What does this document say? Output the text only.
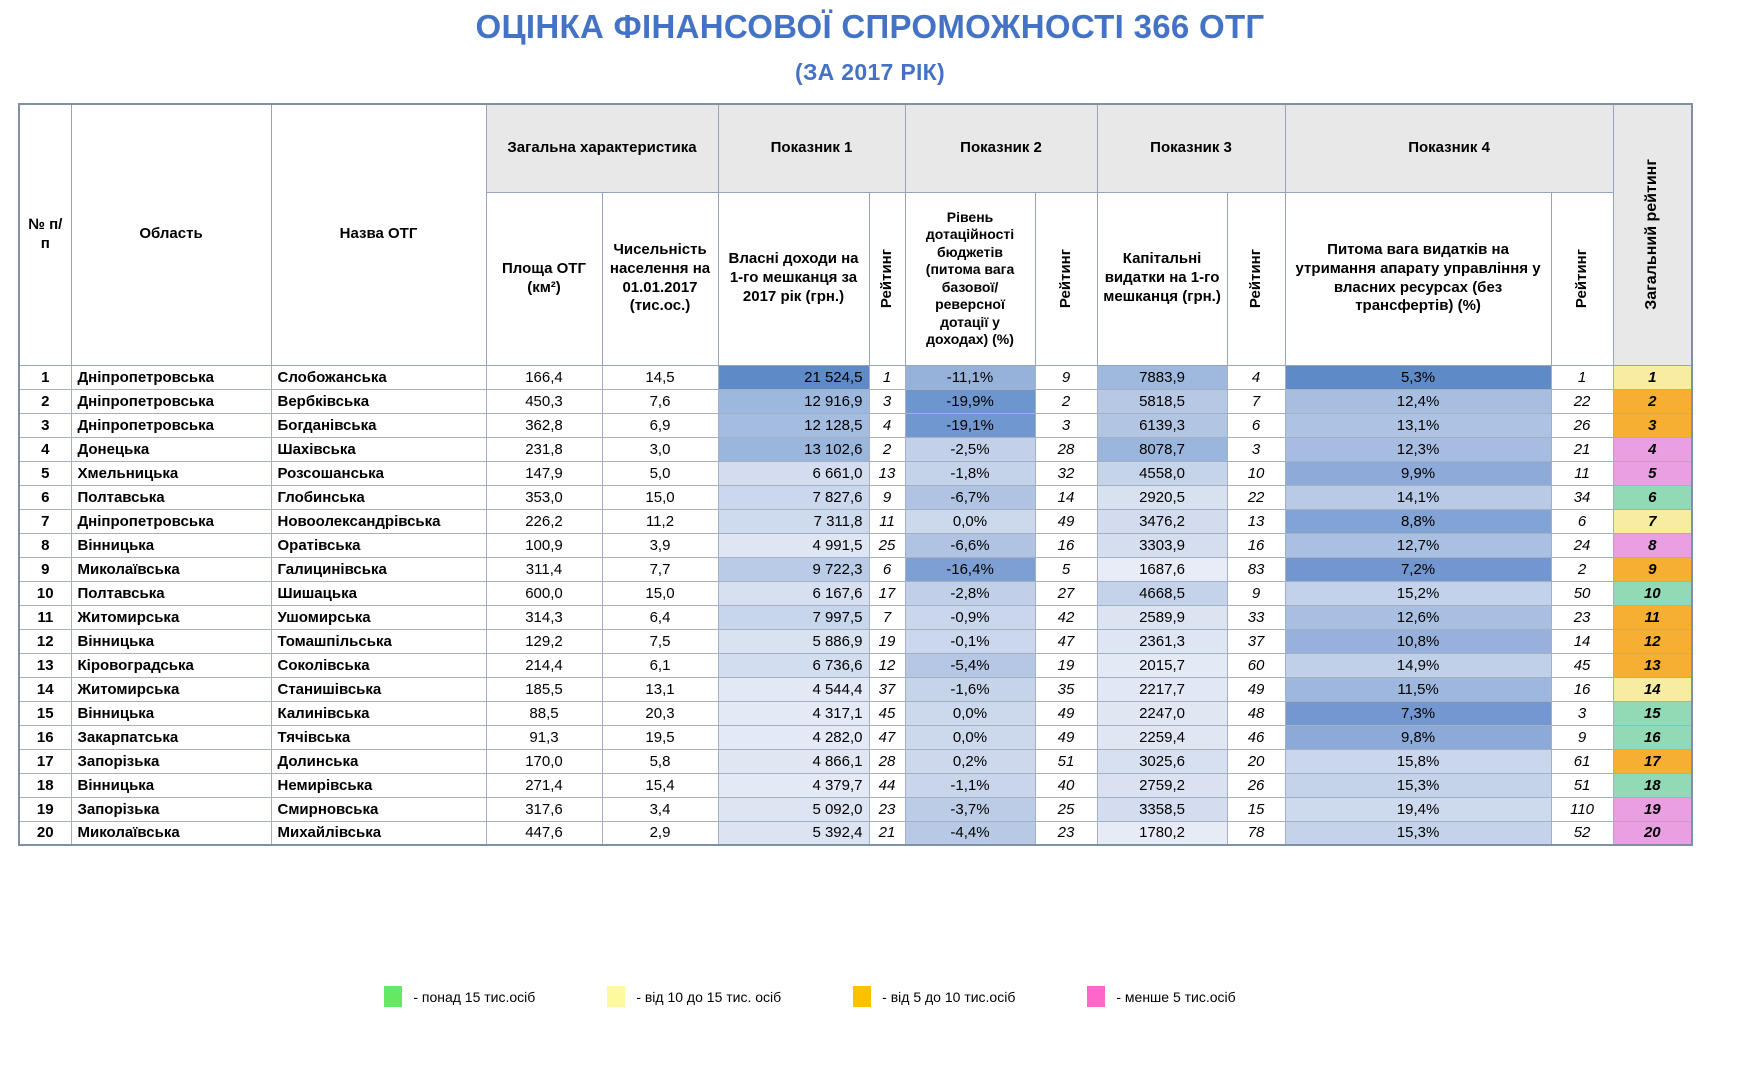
ОЦІНКА ФІНАНСОВОЇ СПРОМОЖНОСТІ 366 ОТГ
(ЗА 2017 РІК)
№ п/п	Область	Назва ОТГ	Загальна характеристика		Показник 1		Показник 2		Показник 3		Показник 4		Загальний рейтинг

			Площа ОТГ (км²)	Чисельність населення на 01.01.2017 (тис.ос.)	Власні доходи на 1-го мешканця за 2017 рік (грн.)	Рейтинг	Рівень дотаційності бюджетів (питома вага базової/ реверсної дотації у доходах) (%)	Рейтинг	Капітальні видатки на 1-го мешканця (грн.)	Рейтинг	Питома вага видатків на утримання апарату управління у власних ресурсах (без трансфертів) (%)	Рейтинг	

1	Дніпропетровська	Слобожанська	166,4	14,5	21 524,5	1	-11,1%	9	7883,9	4	5,3%	1	1
2	Дніпропетровська	Вербківська	450,3	7,6	12 916,9	3	-19,9%	2	5818,5	7	12,4%	22	2
3	Дніпропетровська	Богданівська	362,8	6,9	12 128,5	4	-19,1%	3	6139,3	6	13,1%	26	3
4	Донецька	Шахівська	231,8	3,0	13 102,6	2	-2,5%	28	8078,7	3	12,3%	21	4
5	Хмельницька	Розсошанська	147,9	5,0	6 661,0	13	-1,8%	32	4558,0	10	9,9%	11	5
6	Полтавська	Глобинська	353,0	15,0	7 827,6	9	-6,7%	14	2920,5	22	14,1%	34	6
7	Дніпропетровська	Новоолександрівська	226,2	11,2	7 311,8	11	0,0%	49	3476,2	13	8,8%	6	7
8	Вінницька	Оратівська	100,9	3,9	4 991,5	25	-6,6%	16	3303,9	16	12,7%	24	8
9	Миколаївська	Галицинівська	311,4	7,7	9 722,3	6	-16,4%	5	1687,6	83	7,2%	2	9
10	Полтавська	Шишацька	600,0	15,0	6 167,6	17	-2,8%	27	4668,5	9	15,2%	50	10
11	Житомирська	Ушомирська	314,3	6,4	7 997,5	7	-0,9%	42	2589,9	33	12,6%	23	11
12	Вінницька	Томашпільська	129,2	7,5	5 886,9	19	-0,1%	47	2361,3	37	10,8%	14	12
13	Кіровоградська	Соколівська	214,4	6,1	6 736,6	12	-5,4%	19	2015,7	60	14,9%	45	13
14	Житомирська	Станишівська	185,5	13,1	4 544,4	37	-1,6%	35	2217,7	49	11,5%	16	14
15	Вінницька	Калинівська	88,5	20,3	4 317,1	45	0,0%	49	2247,0	48	7,3%	3	15
16	Закарпатська	Тячівська	91,3	19,5	4 282,0	47	0,0%	49	2259,4	46	9,8%	9	16
17	Запорізька	Долинська	170,0	5,8	4 866,1	28	0,2%	51	3025,6	20	15,8%	61	17
18	Вінницька	Немирівська	271,4	15,4	4 379,7	44	-1,1%	40	2759,2	26	15,3%	51	18
19	Запорізька	Смирновська	317,6	3,4	5 092,0	23	-3,7%	25	3358,5	15	19,4%	110	19
20	Миколаївська	Михайлівська	447,6	2,9	5 392,4	21	-4,4%	23	1780,2	78	15,3%	52	20
- понад 15 тис.осіб	- від 10 до 15 тис. осіб	- від 5 до 10 тис.осіб	- менше 5 тис.осіб
